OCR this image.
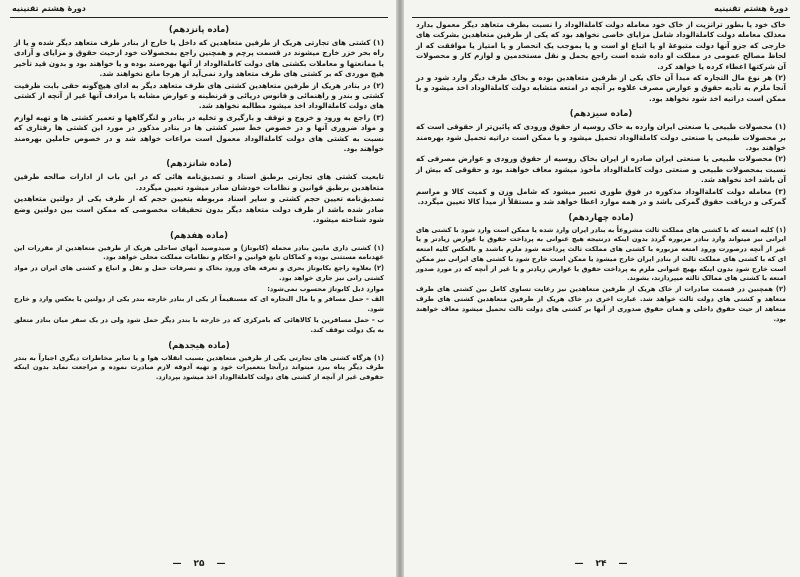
دورهٔ هشتم تقنینیه
(ماده پانزدهم)

(۱) کشتی های تجارتی هریک از طرفین متعاهدین که داخل یا خارج از بنادر طرف متعاهد دیگر شده و یا از راه بحر خزر خارج میشوند در قسمت پرچم و همچنین راجع بمحصولات خود ازحیث حقوق و مزایای و آزادی یا ممانعتها و معاملات بکشتی های دولت کاملة‌الوداد از آنها بهره‌مند بوده و یا خواهند بود و بدون قید تأخیر هیچ موردی که بر کشتی های طرف متعاهد وارد نمی‌آید از هرجا مانع نخواهند شد.

(۲) در بنادر هریک از طرفین متعاهدین کشتی های طرف متعاهد دیگر به ادای هیچ‌گونه حقی بابت ظرفیت کشتی و بندر و راهنمائی و فانوس دریائی و قرنطینه و عوارض مشابه یا مرادف آنها غیر از آنچه از کشتی های دولت کاملة‌الوداد اخذ میشود مطالبه نخواهد شد.

(۳) راجع به ورود و خروج و توقف و بارگیری و تخلیه در بنادر و لنگرگاهها و تعمیر کشتی ها و تهیه لوازم و مواد ضروری آنها و در خصوص خط سیر کشتی ها در بنادر مذکور در مورد این کشتی ها رفتاری که نسبت به کشتی های دولت کاملة‌الوداد معمول است مراعات خواهد شد و در خصوص حاملین بهره‌مند خواهند بود.

(ماده شانزدهم)

تابعیت کشتی های تجارتی برطبق اسناد و تصدیق‌نامه هائی که در این باب از ادارات صالحه طرفین متعاهدین برطبق قوانین و نظامات خودشان صادر میشود تعیین میگردد.

تصدیق‌نامه تعیین حجم کشتی و سایر اسناد مربوطه بتعیین حجم که از طرف یکی از دولتین متعاهدین صادر شده باشد از طرف دولت متعاهد دیگر بدون تحقیقات مخصوصی که ممکن است بین دولتین وضع شود شناخته میشود.

(ماده هفدهم)

(۱) کشتی داری مایین بنادر محمله (کابوتاژ) و صیدوصید آبهای ساحلی هریک از طرفین متعاهدین از مقررات این عهدنامه مستثنی بوده و کماکان تابع قوانین و احکام و نظامات مملکت محلی خواهد بود.

(۲) بعلاوه راجع بکابوتاژ بحری و تعرفه های ورود بخاک و تصرفات حمل و نقل و اتباع و کشتی های ایران در مواد کشتی رانی نیز جاری خواهد بود.

موارد ذیل کابوتاژ محسوب نمی‌شود:

الف - حمل مسافر و یا مال التجاره ای که مستقیماً از یکی از بنادر خارجه بندر یکی از دولتین یا بعکس وارد و خارج شود.

ب - حمل مسافرین یا کالاهائی که بامرکزی که در خارجه با بندر دیگر حمل شود ولی در یک سفر میان بنادر متعلق به یک دولت توقف کند.

(ماده هیجدهم)

(۱) هرگاه کشتی های تجارتی یکی از طرفین متعاهدین بسبب انقلاب هوا و یا سایر مخاطرات دیگری اجباراً به بندر طرف دیگر پناه ببرد میتواند درآنجا بتعمیرات خود و تهیه آذوقه لازم مبادرت نموده و مراجعت نماید بدون اینکه حقوقی غیر از آنچه از کشتی های دولت کاملة‌الوداد اخذ میشود بپردازد.

— ۲۵ —
دورهٔ هشتم تقنینیه

خاک خود یا بطور ترانزیت از خاک خود معامله دولت کاملة‌الوداد را نسبت بطرف متعاهد دیگر معمول بدارد معذلک معامله دولت کاملة‌الوداد شامل مزایای خاصی نخواهد بود که یکی از طرفین متعاهدین بشرکت های خارجی که جزو آنها دولت متبوعهٔ او یا اتباع او است و یا بموجب یک انحصار و یا امتیاز یا موافقت که از لحاظ مصالح عمومی در مملکت او داده شده است راجع بحمل و نقل مستخدمین و لوازم کار و محصولات آن شرکتها اعطاء کرده یا خواهد کرد.

(۲) هر نوع مال التجاره که مبدأ آن خاک یکی از طرفین متعاهدین بوده و بخاک طرف دیگر وارد شود و در آنجا ملزم به تأدیه حقوق و عوارض مصرف علاوه بر آنچه در امتعه متشابه دولت کاملة‌الوداد اخذ میشود و یا ممکن است دراتیه اخذ شود نخواهد بود.

(ماده سیزدهم)

(۱) محصولات طبیعی یا صنعتی ایران وارده به خاک روسیه از حقوق ورودی که پائین‌تر از حقوقی است که بر محصولات طبیعی یا صنعتی دولت کاملة‌الوداد تحمیل میشود و یا ممکن است دراتیه تحمیل شود بهره‌مند خواهند بود.

(۲) محصولات طبیعی یا صنعتی ایران صادره از ایران بخاک روسیه از حقوق ورودی و عوارض مصرفی که نسبت بمحصولات طبیعی و صنعتی دولت کاملة‌الوداد مأخوذ میشود معاف خواهند بود و حقوقی که بیش از آن باشد اخذ نخواهد شد.

(۳) معامله دولت کاملة‌الوداد مذکوره در فوق طوری تعبیر میشود که شامل وزن و کمیت کالا و مراسم گمرکی و دریافت حقوق گمرکی باشد و در همه موارد اعطا خواهد شد و مستقلاً از میدأ کالا تعیین میگردد.

(ماده چهاردهم)

(۱) کلیه امتعه که با کشتی های مملکت ثالث مشروعاً به بنادر ایران وارد شده یا ممکن است وارد شود با کشتی های ایرانی نیز میتواند وارد بنادر مزبوره گردد بدون اینکه درنتیجه هیچ عنوانی به پرداخت حقوق یا عوارض زیادتر و یا غیر از آنچه درصورت ورود امتعه مزبوره با کشتی های مملکت ثالث پرداخته شود ملزم باشند و بالعکس کلیه امتعه ای که با کشتی های مملکت ثالث از بنادر ایران خارج میشود یا ممکن است خارج شود با کشتی های ایرانی نیز ممکن است خارج شود بدون اینکه بهیچ عنوانی ملزم به پرداخت حقوق یا عوارض زیادتر و یا غیر از آنچه که در مورد صدور امتعه با کشتی های ممالک ثالثه میپردازند، بشوند.

(۲) همچنین در قسمت صادرات از خاک هریک از طرفین متعاهدین نیز رعایت تساوی کامل بین کشتی های طرف متعاهد و کشتی های دولت ثالث خواهد شد. عبارت اخری در خاک هریک از طرفین متعاهدین کشتی های طرف متعاهد از حیث حقوق داخلی و همان حقوق صدوری از آنها بر کشتی های دولت ثالث تحمیل میشود معاف خواهند بود.

— ۲۴ —
